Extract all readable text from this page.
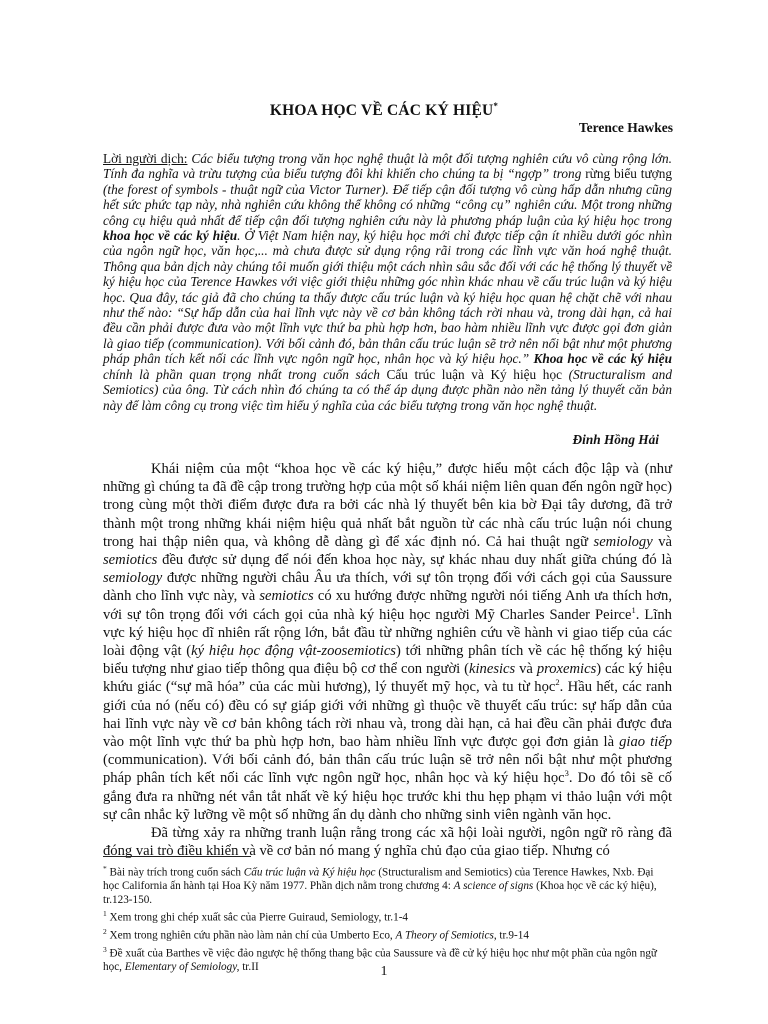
KHOA HỌC VỀ CÁC KÝ HIỆU*
Terence Hawkes
Lời người dịch: Các biểu tượng trong văn học nghệ thuật là một đối tượng nghiên cứu vô cùng rộng lớn. Tính đa nghĩa và trừu tượng của biểu tượng đôi khi khiến cho chúng ta bị “ngợp” trong rừng biểu tượng (the forest of symbols - thuật ngữ của Victor Turner). Để tiếp cận đối tượng vô cùng hấp dẫn nhưng cũng hết sức phức tạp này, nhà nghiên cứu không thể không có những “công cụ” nghiên cứu. Một trong những công cụ hiệu quả nhất để tiếp cận đối tượng nghiên cứu này là phương pháp luận của ký hiệu học trong khoa học về các ký hiệu. Ở Việt Nam hiện nay, ký hiệu học mới chỉ được tiếp cận ít nhiều dưới góc nhìn của ngôn ngữ học, văn học,... mà chưa được sử dụng rộng rãi trong các lĩnh vực văn hoá nghệ thuật. Thông qua bản dịch này chúng tôi muốn giới thiệu một cách nhìn sâu sắc đối với các hệ thống lý thuyết về ký hiệu học của Terence Hawkes với việc giới thiệu những góc nhìn khác nhau về cấu trúc luận và ký hiệu học. Qua đây, tác giả đã cho chúng ta thấy được cấu trúc luận và ký hiệu học quan hệ chặt chẽ với nhau như thế nào: “Sự hấp dẫn của hai lĩnh vực này về cơ bản không tách rời nhau và, trong dài hạn, cả hai đều cần phải được đưa vào một lĩnh vực thứ ba phù hợp hơn, bao hàm nhiều lĩnh vực được gọi đơn giản là giao tiếp (communication). Với bối cảnh đó, bản thân cấu trúc luận sẽ trở nên nổi bật như một phương pháp phân tích kết nối các lĩnh vực ngôn ngữ học, nhân học và ký hiệu học.” Khoa học về các ký hiệu chính là phần quan trọng nhất trong cuốn sách Cấu trúc luận và Ký hiệu học (Structuralism and Semiotics) của ông. Từ cách nhìn đó chúng ta có thể áp dụng được phần nào nền tảng lý thuyết căn bản này để làm công cụ trong việc tìm hiểu ý nghĩa của các biểu tượng trong văn học nghệ thuật.
Đinh Hồng Hải

Khái niệm của một “khoa học về các ký hiệu,” được hiểu một cách độc lập và (như những gì chúng ta đã đề cập trong trường hợp của một số khái niệm liên quan đến ngôn ngữ học) trong cùng một thời điểm được đưa ra bởi các nhà lý thuyết bên kia bờ Đại tây dương, đã trở thành một trong những khái niệm hiệu quả nhất bắt nguồn từ các nhà cấu trúc luận nói chung trong hai thập niên qua, và không dễ dàng gì để xác định nó. Cả hai thuật ngữ semiology và semiotics đều được sử dụng để nói đến khoa học này, sự khác nhau duy nhất giữa chúng đó là semiology được những người châu Âu ưa thích, với sự tôn trọng đối với cách gọi của Saussure dành cho lĩnh vực này, và semiotics có xu hướng được những người nói tiếng Anh ưa thích hơn, với sự tôn trọng đối với cách gọi của nhà ký hiệu học người Mỹ Charles Sander Peirce$^1$. Lĩnh vực ký hiệu học dĩ nhiên rất rộng lớn, bắt đầu từ những nghiên cứu về hành vi giao tiếp của các loài động vật (ký hiệu học động vật-zoosemiotics) tới những phân tích về các hệ thống ký hiệu biểu tượng như giao tiếp thông qua điệu bộ cơ thể con người (kinesics và proxemics) các ký hiệu khứu giác (“sự mã hóa” của các mùi hương), lý thuyết mỹ học, và tu từ học$^2$. Hầu hết, các ranh giới của nó (nếu có) đều có sự giáp giới với những gì thuộc về thuyết cấu trúc: sự hấp dẫn của hai lĩnh vực này về cơ bản không tách rời nhau và, trong dài hạn, cả hai đều cần phải được đưa vào một lĩnh vực thứ ba phù hợp hơn, bao hàm nhiều lĩnh vực được gọi đơn giản là giao tiếp (communication). Với bối cảnh đó, bản thân cấu trúc luận sẽ trở nên nổi bật như một phương pháp phân tích kết nối các lĩnh vực ngôn ngữ học, nhân học và ký hiệu học$^3$. Do đó tôi sẽ cố gắng đưa ra những nét vắn tắt nhất về ký hiệu học trước khi thu hẹp phạm vi thảo luận với một sự cân nhắc kỹ lưỡng về một số những ẩn dụ dành cho những sinh viên ngành văn học.

Đã từng xảy ra những tranh luận rằng trong các xã hội loài người, ngôn ngữ rõ ràng đã đóng vai trò điều khiển và về cơ bản nó mang ý nghĩa chủ đạo của giao tiếp. Nhưng có

* Bài này trích trong cuốn sách Cấu trúc luận và Ký hiệu học (Structuralism and Semiotics) của Terence Hawkes, Nxb. Đại học California ấn hành tại Hoa Kỳ năm 1977. Phần dịch nằm trong chương 4: A science of signs (Khoa học về các ký hiệu), tr.123-150.
$^1$ Xem trong ghi chép xuất sắc của Pierre Guiraud, Semiology, tr.1-4
$^2$ Xem trong nghiên cứu phần nào làm nản chí của Umberto Eco, A Theory of Semiotics, tr.9-14
$^3$ Đề xuất của Barthes về việc đảo ngược hệ thống thang bậc của Saussure và đề cử ký hiệu học như một phần của ngôn ngữ học, Elementary of Semiology, tr.II	1
